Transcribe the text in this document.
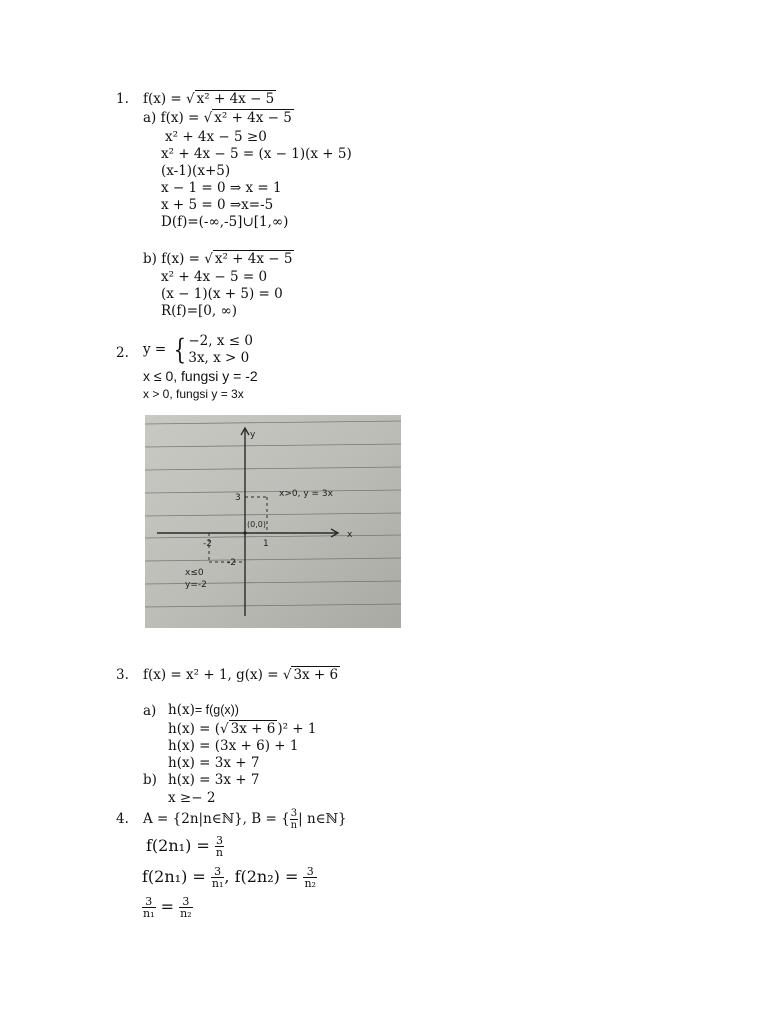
1. f(x) = √ x² + 4x − 5
a) f(x) = √ x² + 4x − 5
x² + 4x − 5 ≥0
x² + 4x − 5 = (x − 1)(x + 5)
(x-1)(x+5)
x − 1 = 0 ⇒ x = 1
x + 5 = 0 ⇒x=-5
D(f)=(-∞,-5]∪[1,∞)
b) f(x) = √ x² + 4x − 5
x² + 4x − 5 = 0
(x − 1)(x + 5) = 0
R(f)=[0, ∞)
2. y = { −2, x ≤ 0
3x, x > 0
x ≤ 0, fungsi y = -2
x > 0, fungsi y = 3x
y
x
3
1
-2
-2
(0,0)
x>0, y = 3x
x≤0
y=-2
3. f(x) = x² + 1, g(x) = √ 3x + 6
a) h(x)= f(g(x))
h(x) = (√ 3x + 6 )² + 1
h(x) = (3x + 6) + 1
h(x) = 3x + 7
b) h(x) = 3x + 7
x ≥− 2
4. A = {2n|n∈ℕ}, B = { $\frac{3}{n}$ | n∈ℕ}
$f(2n_1) = \frac{3}{n}$
$f(2n_1) = \frac{3}{\text{n₁}}$ , $f(2n_2) = \frac{3}{\text{n₂}}$
$\frac{3}{\text{n₁}} = \frac{3}{\text{n₂}}$
